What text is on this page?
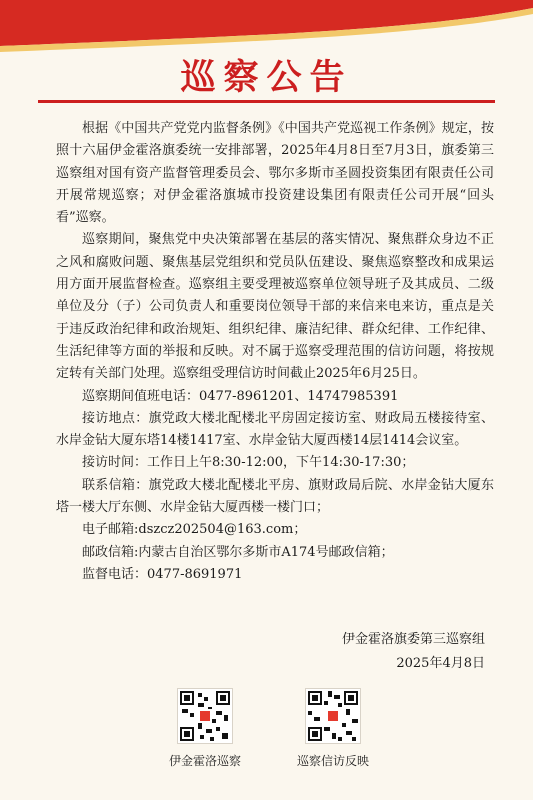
巡察公告

根据《中国共产党党内监督条例》《中国共产党巡视工作条例》规定，按照十六届伊金霍洛旗委统一安排部署，2025年4月8日至7月3日，旗委第三巡察组对国有资产监督管理委员会、鄂尔多斯市圣圆投资集团有限责任公司开展常规巡察；对伊金霍洛旗城市投资建设集团有限责任公司开展“回头看”巡察。

巡察期间，聚焦党中央决策部署在基层的落实情况、聚焦群众身边不正之风和腐败问题、聚焦基层党组织和党员队伍建设、聚焦巡察整改和成果运用方面开展监督检查。巡察组主要受理被巡察单位领导班子及其成员、二级单位及分（子）公司负责人和重要岗位领导干部的来信来电来访，重点是关于违反政治纪律和政治规矩、组织纪律、廉洁纪律、群众纪律、工作纪律、生活纪律等方面的举报和反映。对不属于巡察受理范围的信访问题，将按规定转有关部门处理。巡察组受理信访时间截止2025年6月25日。

巡察期间值班电话：0477-8961201、14747985391

接访地点：旗党政大楼北配楼北平房固定接访室、财政局五楼接待室、水岸金钻大厦东塔14楼1417室、水岸金钻大厦西楼14层1414会议室。

接访时间：工作日上午8:30-12:00，下午14:30-17:30；

联系信箱：旗党政大楼北配楼北平房、旗财政局后院、水岸金钻大厦东塔一楼大厅东侧、水岸金钻大厦西楼一楼门口；

电子邮箱:dszcz202504@163.com；

邮政信箱:内蒙古自治区鄂尔多斯市A174号邮政信箱；

监督电话：0477-8691971

伊金霍洛旗委第三巡察组
2025年4月8日
伊金霍洛巡察	巡察信访反映
